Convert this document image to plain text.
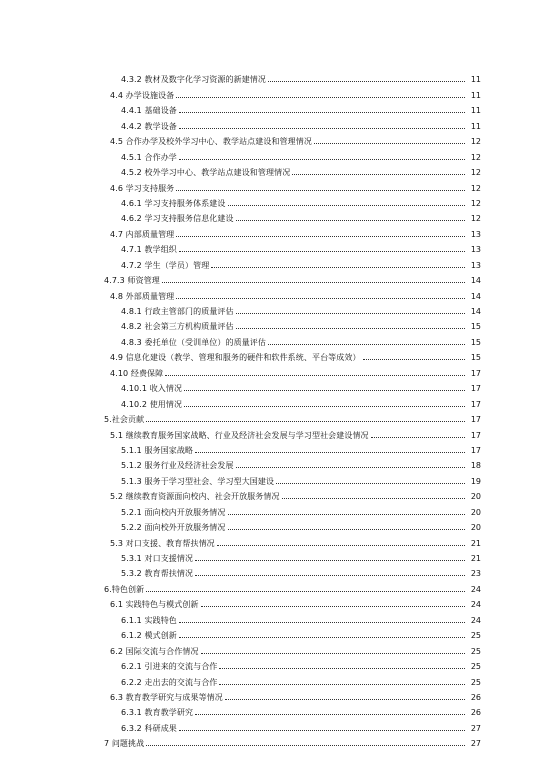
4.3.2 教材及数字化学习资源的新建情况	11
4.4 办学设施设备	11
4.4.1 基础设备	11
4.4.2 教学设备	11
4.5 合作办学及校外学习中心、教学站点建设和管理情况	12
4.5.1 合作办学	12
4.5.2 校外学习中心、教学站点建设和管理情况	12
4.6 学习支持服务	12
4.6.1 学习支持服务体系建设	12
4.6.2 学习支持服务信息化建设	12
4.7 内部质量管理	13
4.7.1 教学组织	13
4.7.2 学生（学员）管理	13
4.7.3 师资管理	14
4.8 外部质量管理	14
4.8.1 行政主管部门的质量评估	14
4.8.2 社会第三方机构质量评估	15
4.8.3 委托单位（受训单位）的质量评估	15
4.9 信息化建设（教学、管理和服务的硬件和软件系统、平台等成效）	15
4.10 经费保障	17
4.10.1 收入情况	17
4.10.2 使用情况	17
5.社会贡献	17
5.1 继续教育服务国家战略、行业及经济社会发展与学习型社会建设情况	17
5.1.1 服务国家战略	17
5.1.2 服务行业及经济社会发展	18
5.1.3 服务于学习型社会、学习型大国建设	19
5.2 继续教育资源面向校内、社会开放服务情况	20
5.2.1 面向校内开放服务情况	20
5.2.2 面向校外开放服务情况	20
5.3 对口支援、教育帮扶情况	21
5.3.1 对口支援情况	21
5.3.2 教育帮扶情况	23
6.特色创新	24
6.1 实践特色与模式创新	24
6.1.1 实践特色	24
6.1.2 模式创新	25
6.2 国际交流与合作情况	25
6.2.1 引进来的交流与合作	25
6.2.2 走出去的交流与合作	25
6.3 教育教学研究与成果等情况	26
6.3.1 教育教学研究	26
6.3.2 科研成果	27
7 问题挑战	27
